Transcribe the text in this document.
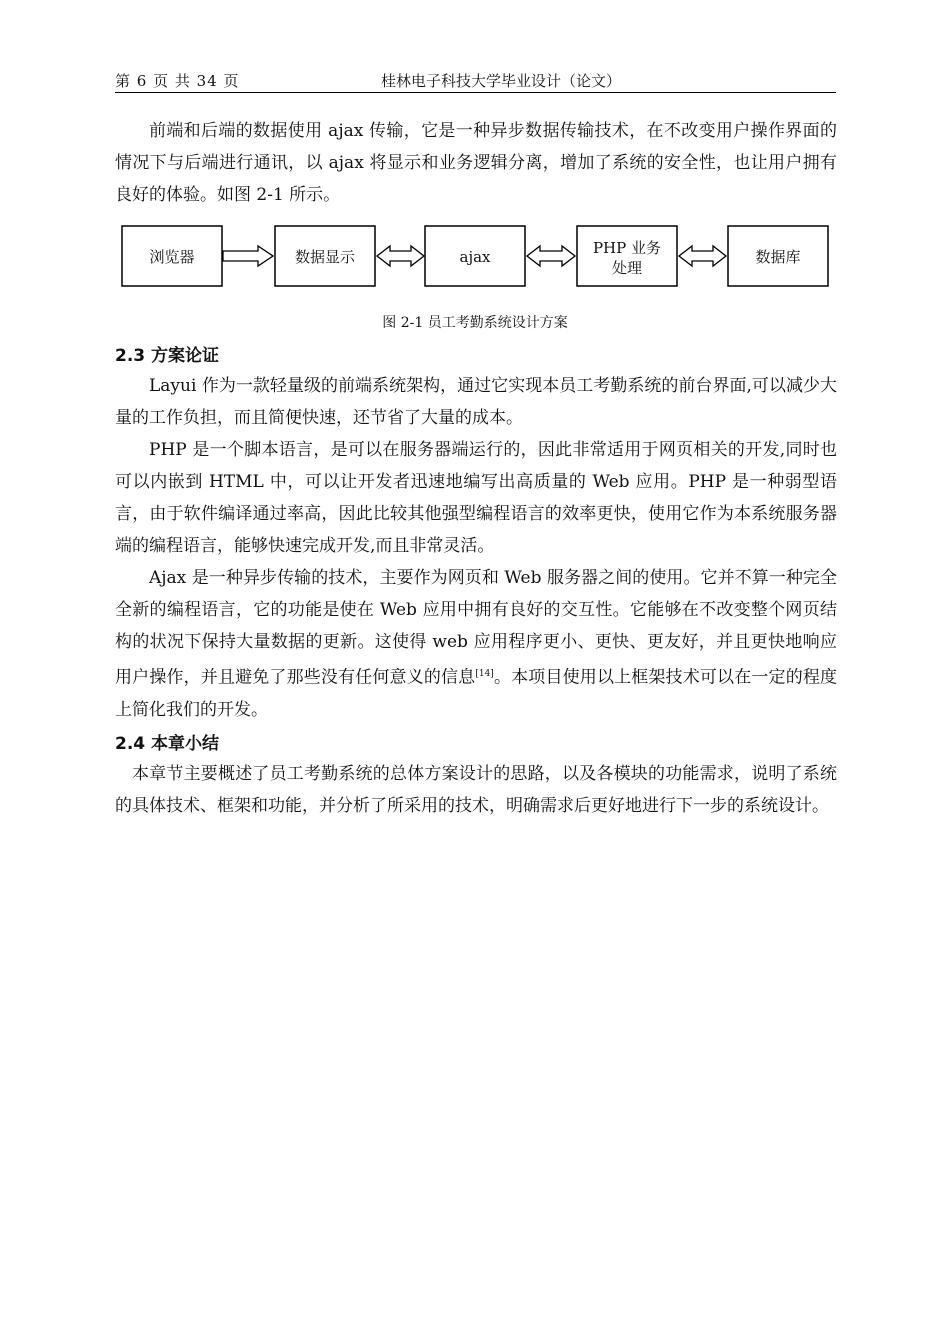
第 6 页 共 34 页	桂林电子科技大学毕业设计（论文）

前端和后端的数据使用 ajax 传输，它是一种异步数据传输技术，在不改变用户操作界面的情况下与后端进行通讯，以 ajax 将显示和业务逻辑分离，增加了系统的安全性，也让用户拥有良好的体验。如图 2-1 所示。

浏览器	数据显示	ajax	PHP 业务
处理
数据库
图 2-1 员工考勤系统设计方案
2.3 方案论证

Layui 作为一款轻量级的前端系统架构，通过它实现本员工考勤系统的前台界面,可以减少大量的工作负担，而且简便快速，还节省了大量的成本。

PHP 是一个脚本语言，是可以在服务器端运行的，因此非常适用于网页相关的开发,同时也可以内嵌到 HTML 中，可以让开发者迅速地编写出高质量的 Web 应用。PHP 是一种弱型语言，由于软件编译通过率高，因此比较其他强型编程语言的效率更快，使用它作为本系统服务器端的编程语言，能够快速完成开发,而且非常灵活。

Ajax 是一种异步传输的技术，主要作为网页和 Web 服务器之间的使用。它并不算一种完全全新的编程语言，它的功能是使在 Web 应用中拥有良好的交互性。它能够在不改变整个网页结构的状况下保持大量数据的更新。这使得 web 应用程序更小、更快、更友好，并且更快地响应用户操作，并且避免了那些没有任何意义的信息[14]。本项目使用以上框架技术可以在一定的程度上简化我们的开发。

2.4 本章小结

本章节主要概述了员工考勤系统的总体方案设计的思路，以及各模块的功能需求，说明了系统的具体技术、框架和功能，并分析了所采用的技术，明确需求后更好地进行下一步的系统设计。
